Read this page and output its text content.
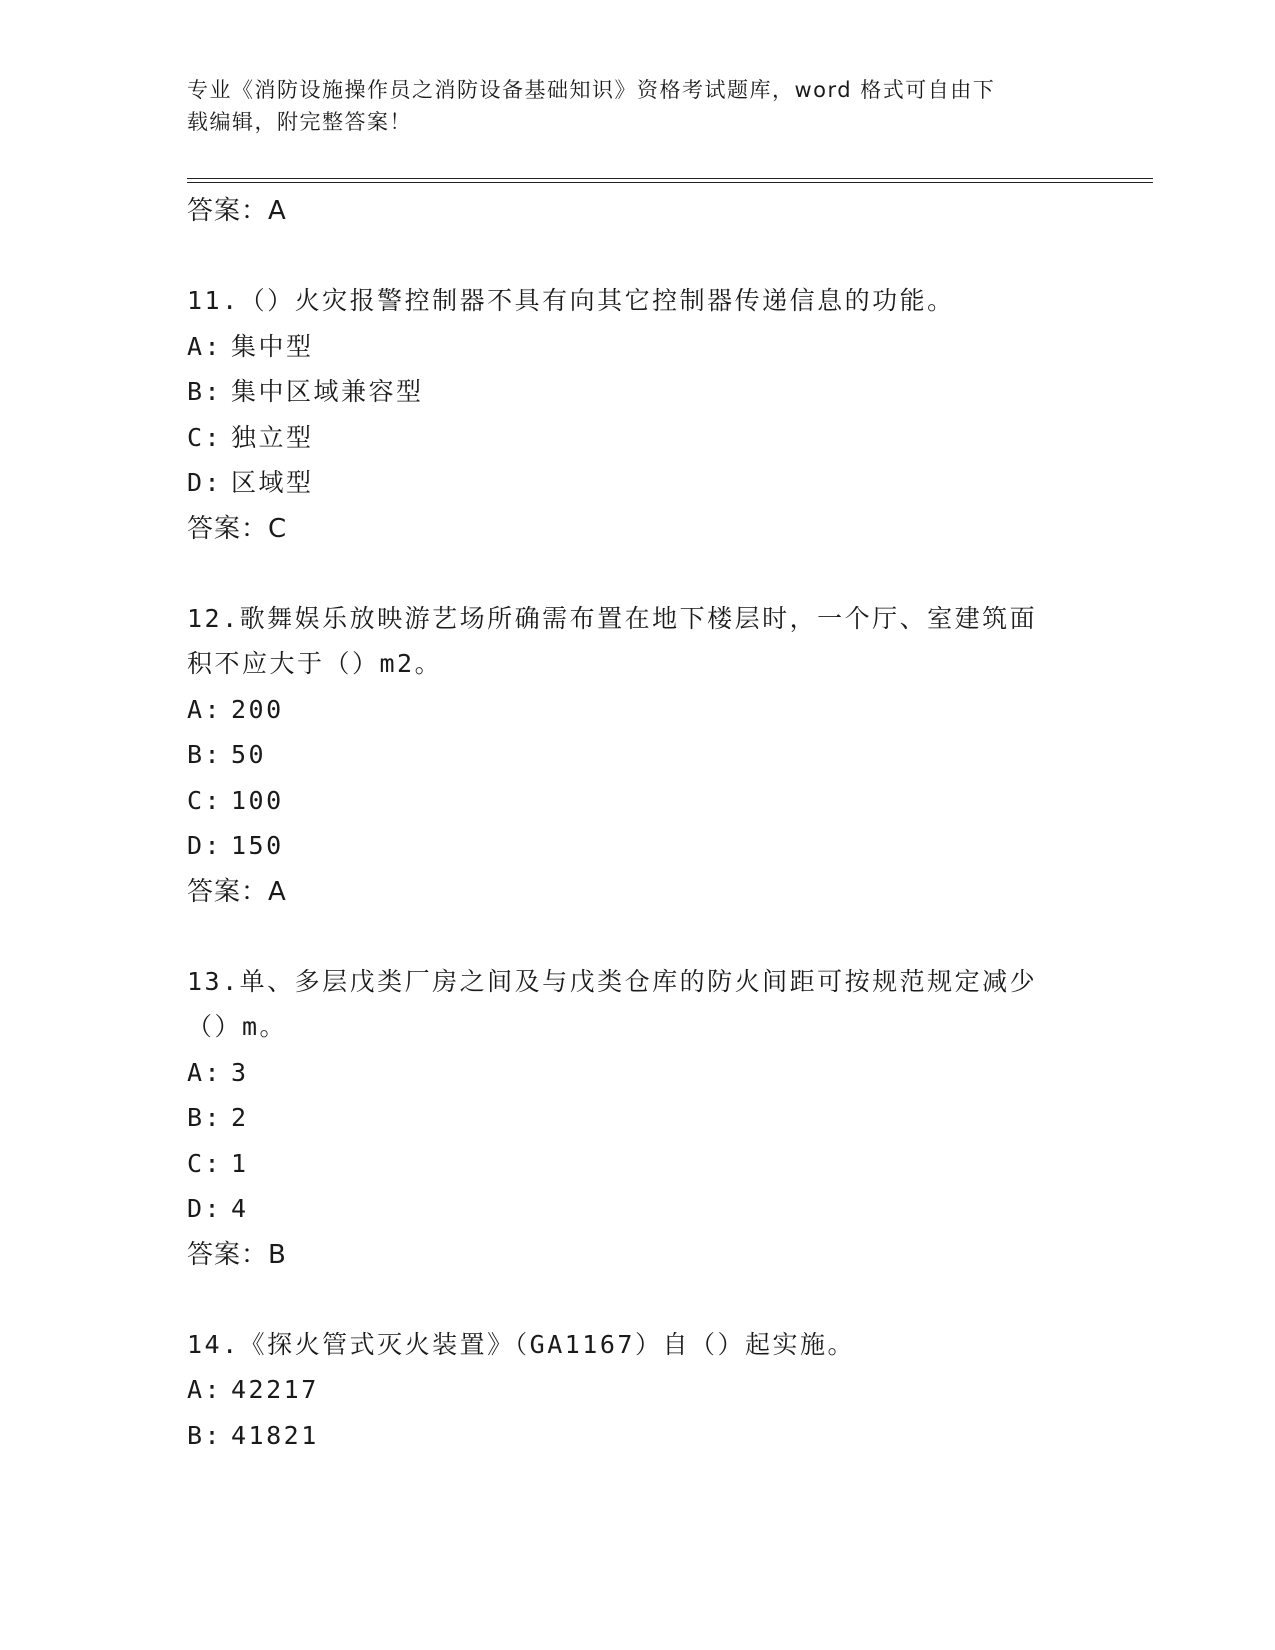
专业《消防设施操作员之消防设备基础知识》资格考试题库，word 格式可自由下
载编辑，附完整答案！
答案：A
11.（）火灾报警控制器不具有向其它控制器传递信息的功能。
A: 集中型
B: 集中区域兼容型
C: 独立型
D: 区域型
答案：C
12.歌舞娱乐放映游艺场所确需布置在地下楼层时，一个厅、室建筑面
积不应大于（）m2。
A: 200
B: 50
C: 100
D: 150
答案：A
13.单、多层戊类厂房之间及与戊类仓库的防火间距可按规范规定减少
（）m。
A: 3
B: 2
C: 1
D: 4
答案：B
14.《探火管式灭火装置》（GA1167）自（）起实施。
A: 42217
B: 41821
